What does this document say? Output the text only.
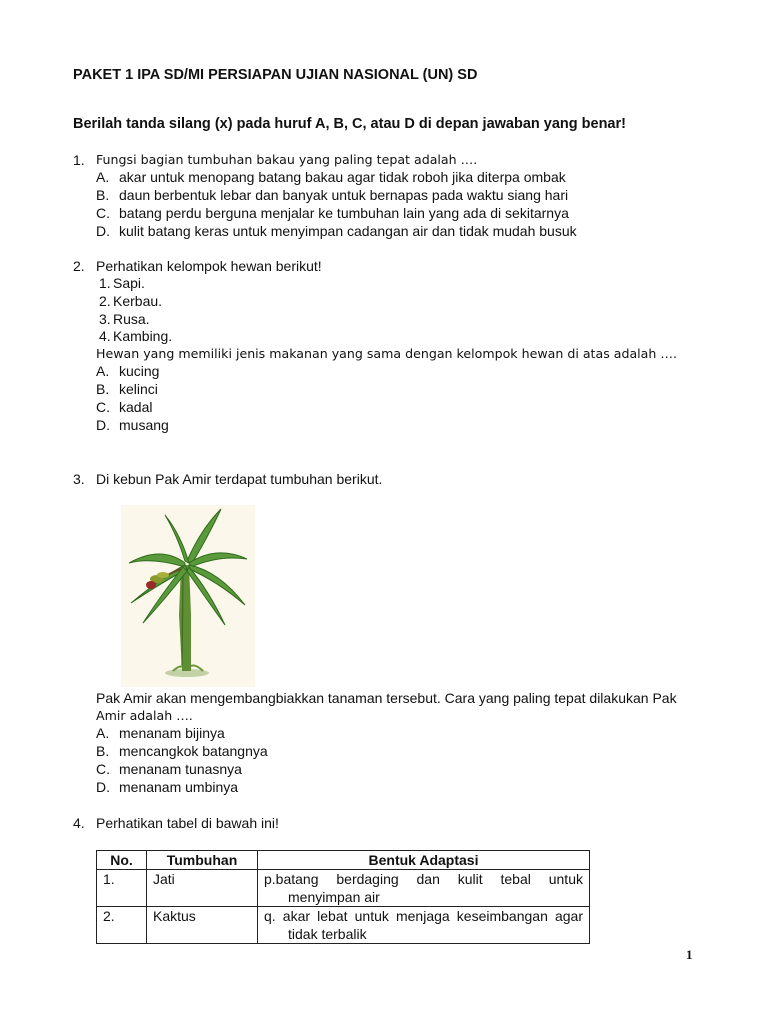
PAKET 1 IPA SD/MI PERSIAPAN UJIAN NASIONAL (UN) SD
Berilah tanda silang (x) pada huruf A, B, C, atau D di depan jawaban yang benar!
1. Fungsi bagian tumbuhan bakau yang paling tepat adalah ….
A. akar untuk menopang batang bakau agar tidak roboh jika diterpa ombak
B. daun berbentuk lebar dan banyak untuk bernapas pada waktu siang hari
C. batang perdu berguna menjalar ke tumbuhan lain yang ada di sekitarnya
D. kulit batang keras untuk menyimpan cadangan air dan tidak mudah busuk
2. Perhatikan kelompok hewan berikut!
1. Sapi.
2. Kerbau.
3. Rusa.
4. Kambing.
Hewan yang memiliki jenis makanan yang sama dengan kelompok hewan di atas adalah ….
A. kucing
B. kelinci
C. kadal
D. musang
3. Di kebun Pak Amir terdapat tumbuhan berikut.
Pak Amir akan mengembangbiakkan tanaman tersebut. Cara yang paling tepat dilakukan Pak
Amir adalah ….
A. menanam bijinya
B. mencangkok batangnya
C. menanam tunasnya
D. menanam umbinya
4. Perhatikan tabel di bawah ini!
No.	Tumbuhan	Bentuk Adaptasi
1.	Jati	p.batang berdaging dan kulit tebal untuk
menyimpan air

2.	Kaktus	q. akar lebat untuk menjaga keseimbangan agar
tidak terbalik
1
